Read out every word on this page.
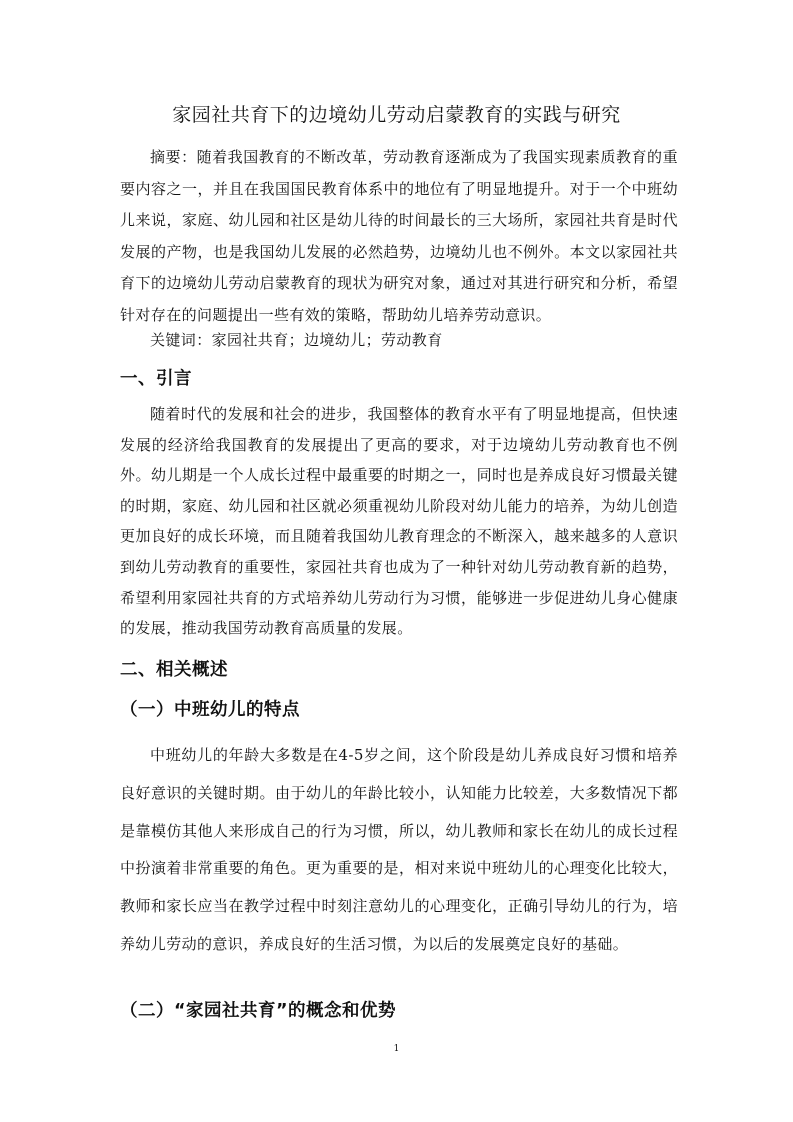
家园社共育下的边境幼儿劳动启蒙教育的实践与研究
摘要：随着我国教育的不断改革，劳动教育逐渐成为了我国实现素质教育的重要内容之一，并且在我国国民教育体系中的地位有了明显地提升。对于一个中班幼儿来说，家庭、幼儿园和社区是幼儿待的时间最长的三大场所，家园社共育是时代发展的产物，也是我国幼儿发展的必然趋势，边境幼儿也不例外。本文以家园社共育下的边境幼儿劳动启蒙教育的现状为研究对象，通过对其进行研究和分析，希望针对存在的问题提出一些有效的策略，帮助幼儿培养劳动意识。
关键词：家园社共育；边境幼儿；劳动教育
一、引言
随着时代的发展和社会的进步，我国整体的教育水平有了明显地提高，但快速发展的经济给我国教育的发展提出了更高的要求，对于边境幼儿劳动教育也不例外。幼儿期是一个人成长过程中最重要的时期之一，同时也是养成良好习惯最关键的时期，家庭、幼儿园和社区就必须重视幼儿阶段对幼儿能力的培养，为幼儿创造更加良好的成长环境，而且随着我国幼儿教育理念的不断深入，越来越多的人意识到幼儿劳动教育的重要性，家园社共育也成为了一种针对幼儿劳动教育新的趋势，希望利用家园社共育的方式培养幼儿劳动行为习惯，能够进一步促进幼儿身心健康的发展，推动我国劳动教育高质量的发展。
二、相关概述
（一）中班幼儿的特点
中班幼儿的年龄大多数是在4-5岁之间，这个阶段是幼儿养成良好习惯和培养良好意识的关键时期。由于幼儿的年龄比较小，认知能力比较差，大多数情况下都是靠模仿其他人来形成自己的行为习惯，所以，幼儿教师和家长在幼儿的成长过程中扮演着非常重要的角色。更为重要的是，相对来说中班幼儿的心理变化比较大，教师和家长应当在教学过程中时刻注意幼儿的心理变化，正确引导幼儿的行为，培养幼儿劳动的意识，养成良好的生活习惯，为以后的发展奠定良好的基础。
（二）“家园社共育”的概念和优势
1
